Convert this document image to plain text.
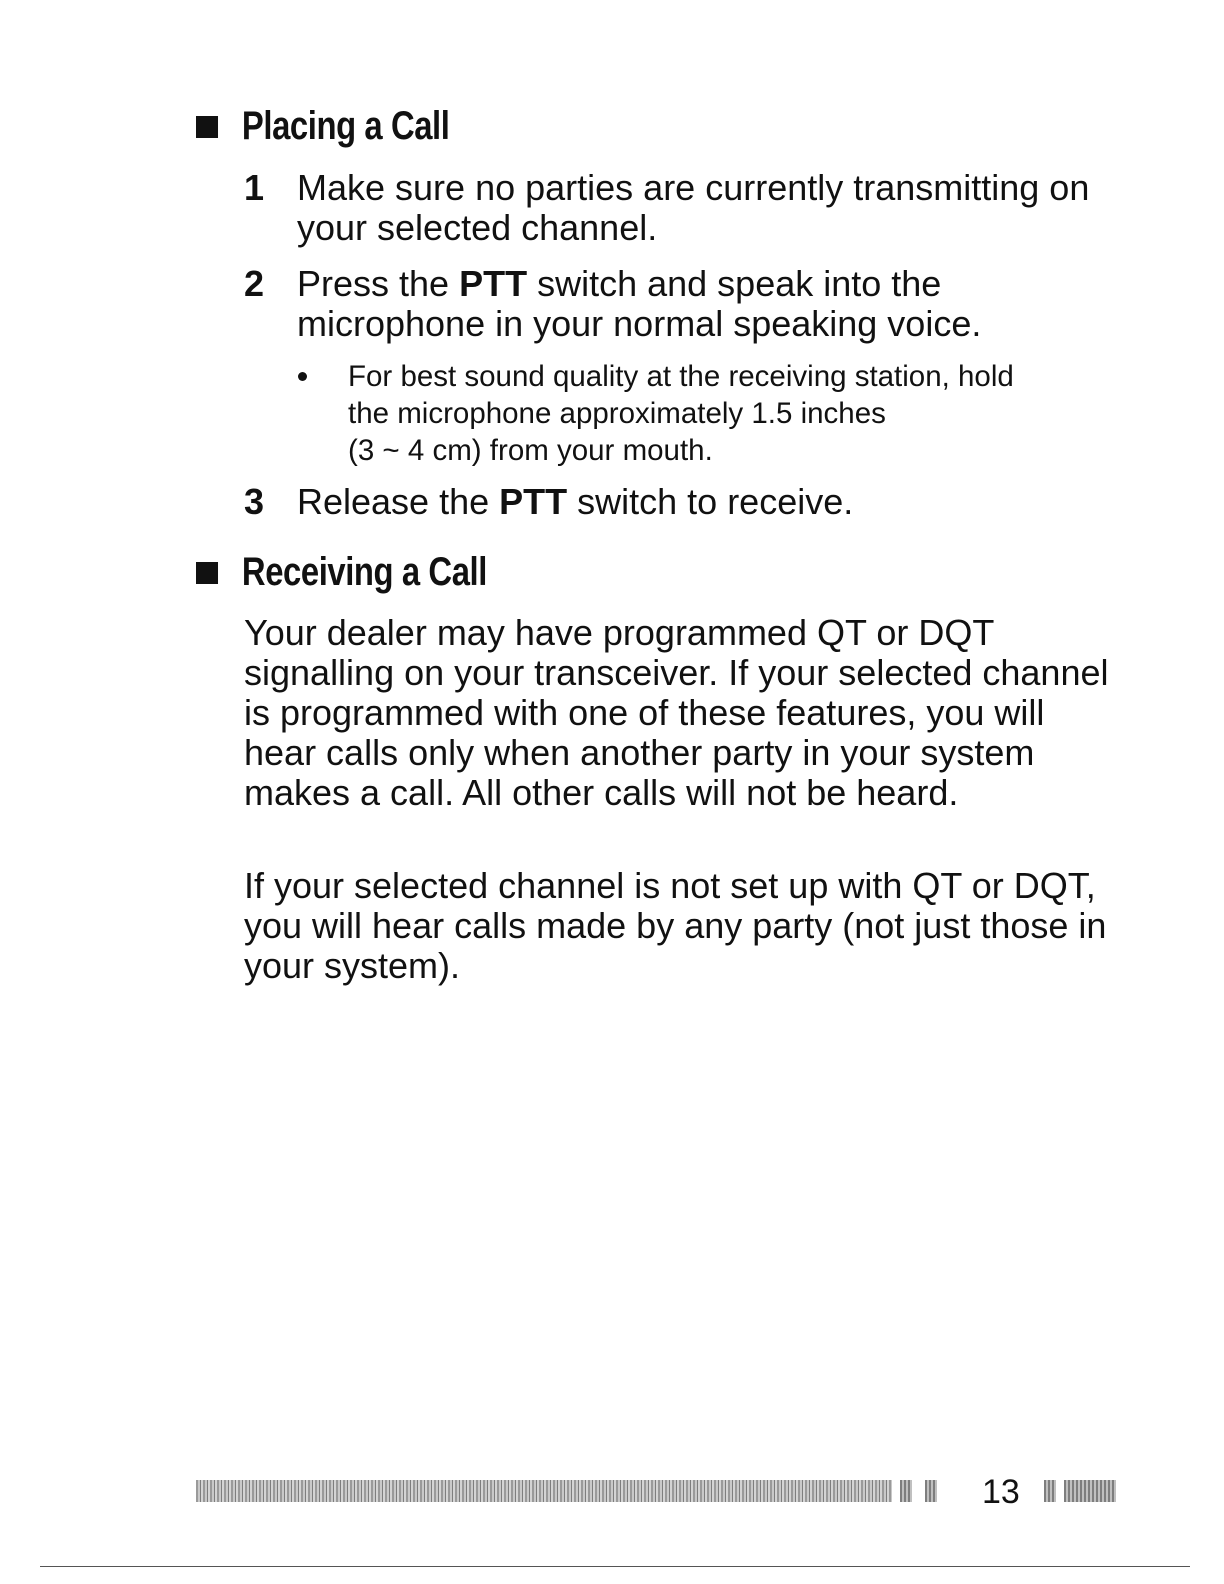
Placing a Call
1 Make sure no parties are currently transmitting on your selected channel.
2 Press the PTT switch and speak into the microphone in your normal speaking voice.
For best sound quality at the receiving station, hold
the microphone approximately 1.5 inches
(3 ~ 4 cm) from your mouth.
3 Release the PTT switch to receive.
Receiving a Call
Your dealer may have programmed QT or DQT signalling on your transceiver. If your selected channel is programmed with one of these features, you will hear calls only when another party in your system makes a call. All other calls will not be heard.
If your selected channel is not set up with QT or DQT, you will hear calls made by any party (not just those in your system).
13
